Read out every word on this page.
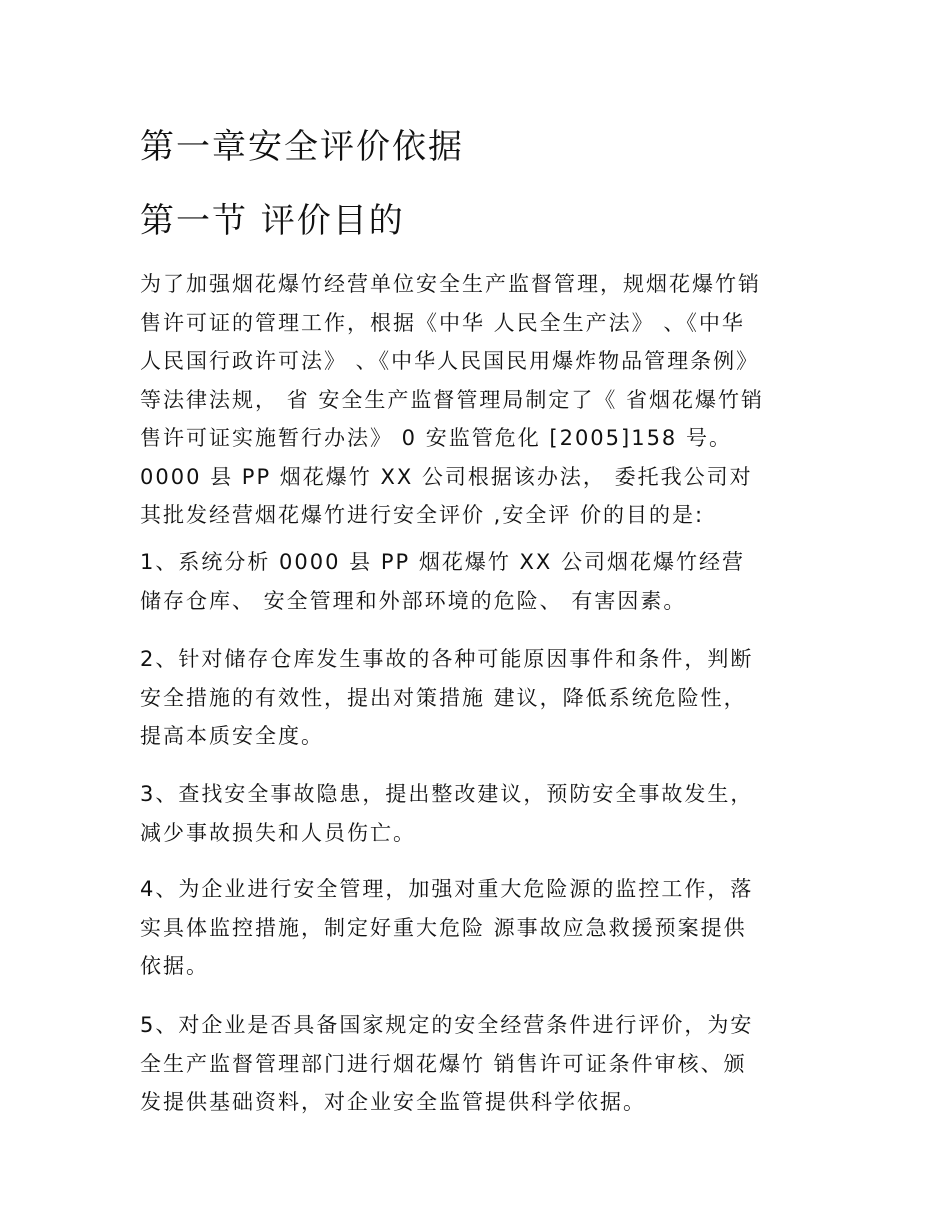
第一章安全评价依据
第一节 评价目的

为了加强烟花爆竹经营单位安全生产监督管理，规烟花爆竹销
售许可证的管理工作，根据《中华 人民全生产法》 、《中华
人民国行政许可法》 、《中华人民国民用爆炸物品管理条例》
等法律法规， 省 安全生产监督管理局制定了《 省烟花爆竹销
售许可证实施暂行办法》 0 安监管危化 [2005]158 号。
0000 县 PP 烟花爆竹 XX 公司根据该办法， 委托我公司对
其批发经营烟花爆竹进行安全评价 ,安全评 价的目的是:

1、系统分析 0000 县 PP 烟花爆竹 XX 公司烟花爆竹经营
储存仓库、 安全管理和外部环境的危险、 有害因素。

2、针对储存仓库发生事故的各种可能原因事件和条件，判断
安全措施的有效性，提出对策措施 建议，降低系统危险性，
提高本质安全度。

3、查找安全事故隐患，提出整改建议，预防安全事故发生，
减少事故损失和人员伤亡。

4、为企业进行安全管理，加强对重大危险源的监控工作，落
实具体监控措施，制定好重大危险 源事故应急救援预案提供
依据。

5、对企业是否具备国家规定的安全经营条件进行评价，为安
全生产监督管理部门进行烟花爆竹 销售许可证条件审核、颁
发提供基础资料，对企业安全监管提供科学依据。
